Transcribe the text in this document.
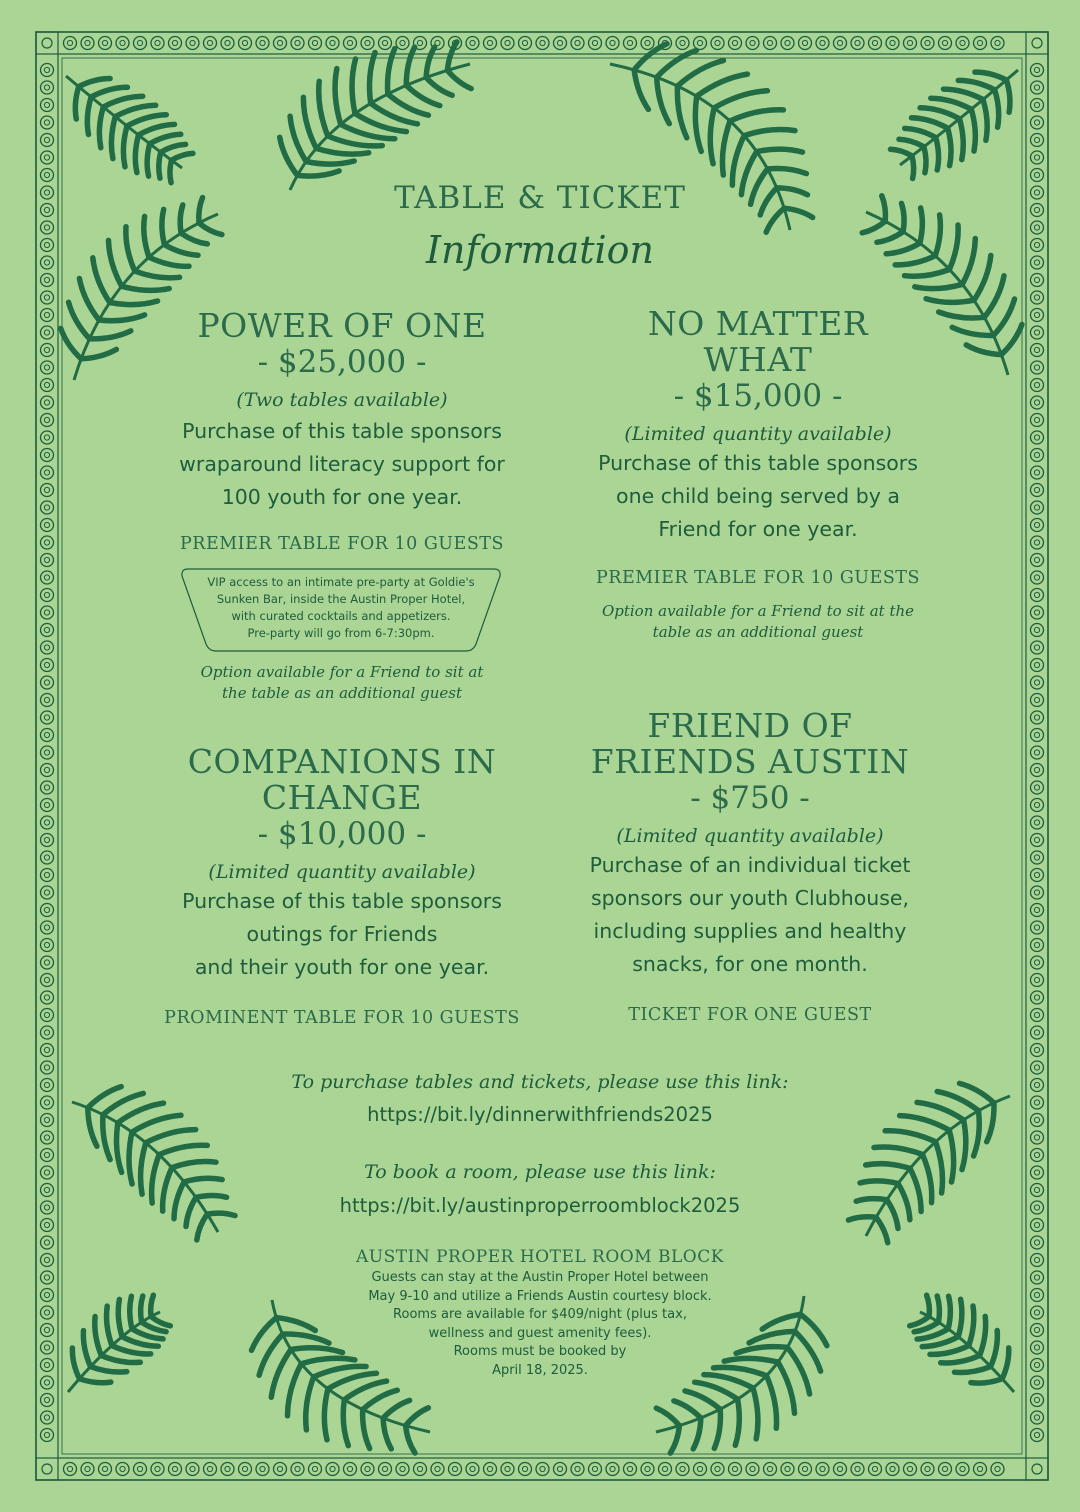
TABLE & TICKET
Information
POWER OF ONE
- $25,000 -
(Two tables available)
Purchase of this table sponsors
wraparound literacy support for
100 youth for one year.
PREMIER TABLE FOR 10 GUESTS
VIP access to an intimate pre-party at Goldie's
Sunken Bar, inside the Austin Proper Hotel,
with curated cocktails and appetizers.
Pre-party will go from 6-7:30pm.
Option available for a Friend to sit at
the table as an additional guest
NO MATTER
WHAT
- $15,000 -
(Limited quantity available)
Purchase of this table sponsors
one child being served by a
Friend for one year.
PREMIER TABLE FOR 10 GUESTS
Option available for a Friend to sit at the
table as an additional guest
COMPANIONS IN
CHANGE
- $10,000 -
(Limited quantity available)
Purchase of this table sponsors
outings for Friends
and their youth for one year.
PROMINENT TABLE FOR 10 GUESTS
FRIEND OF
FRIENDS AUSTIN
- $750 -
(Limited quantity available)
Purchase of an individual ticket
sponsors our youth Clubhouse,
including supplies and healthy
snacks, for one month.
TICKET FOR ONE GUEST
To purchase tables and tickets, please use this link:
https://bit.ly/dinnerwithfriends2025
To book a room, please use this link:
https://bit.ly/austinproperroomblock2025
AUSTIN PROPER HOTEL ROOM BLOCK
Guests can stay at the Austin Proper Hotel between
May 9-10 and utilize a Friends Austin courtesy block.
Rooms are available for $409/night (plus tax,
wellness and guest amenity fees).
Rooms must be booked by
April 18, 2025.
